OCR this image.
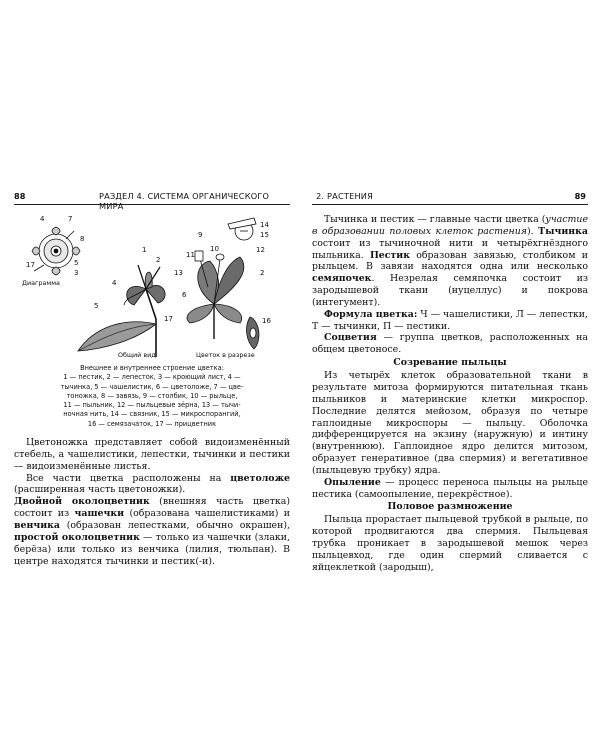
88	РАЗДЕЛ 4. СИСТЕМА ОРГАНИЧЕСКОГО МИРА
4	7
8
17	5
3
1
2
4
5
17
14
15
9
10
11
12
13	2
6
16
Диаграмма
Общий вид	Цветок в разрезе
Внешнее и внутреннее строение цветка:
1 — пестик, 2 — лепесток, 3 — кроющий лист, 4 —
тычинка, 5 — чашелистик, 6 — цветоложе, 7 — цве-
тоножка, 8 — завязь, 9 — столбик, 10 — рыльце,
11 — пыльник, 12 — пыльцевые зёрна, 13 — тычи-
ночная нить, 14 — связник, 15 — микроспорангий,
16 — семязачаток, 17 — прицветник

Цветоножка представляет собой видоизменённый стебель, а чашелистики, лепестки, тычинки и пестики — видоизменённые листья.

Все части цветка расположены на цветоложе (расширенная часть цветоножки).

Двойной околоцветник (внешняя часть цветка) состоит из чашечки (образована чашелистиками) и венчика (образован лепестками, обычно окрашен), простой околоцветник — только из чашечки (злаки, берёза) или только из венчика (лилия, тюльпан). В центре находятся тычинки и пестик(-и).

2. РАСТЕНИЯ	89

Тычинка и пестик — главные части цветка (участие в образовании половых клеток растения). Тычинка состоит из тычиночной нити и четырёхгнёздного пыльника. Пестик образован завязью, столбиком и рыльцем. В завязи находятся одна или несколько семяпочек. Незрелая семяпочка состоит из зародышевой ткани (нуцеллус) и покрова (интегумент).

Формула цветка: Ч — чашелистики, Л — лепестки, Т — тычинки, П — пестики.

Соцветия — группа цветков, расположенных на общем цветоносе.

Созревание пыльцы

Из четырёх клеток образовательной ткани в результате митоза формируются питательная ткань пыльников и материнские клетки микроспор. Последние делятся мейозом, образуя по четыре гаплоидные микроспоры — пыльцу. Оболочка дифференцируется на экзину (наружную) и интину (внутреннюю). Гаплоидное ядро делится митозом, образует генеративное (два спермия) и вегетативное (пыльцевую трубку) ядра.

Опыление — процесс переноса пыльцы на рыльце пестика (самоопыление, перекрёстное).

Половое размножение

Пыльца прорастает пыльцевой трубкой в рыльце, по которой продвигаются два спермия. Пыльцевая трубка проникает в зародышевой мешок через пыльцевход, где один спермий сливается с яйцеклеткой (зародыш),
